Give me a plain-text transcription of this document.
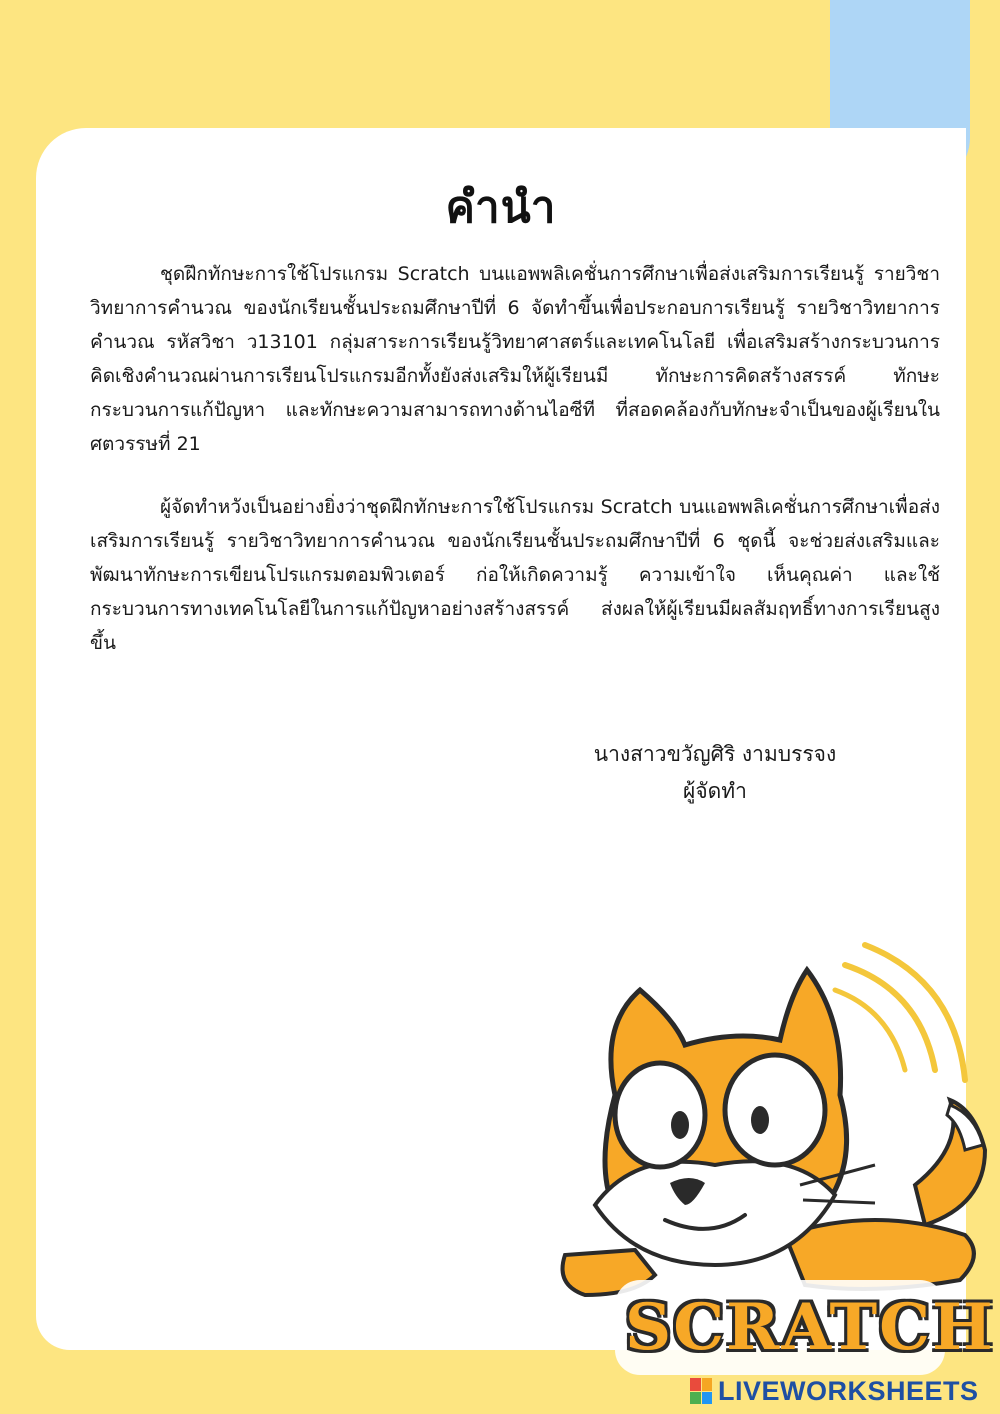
คำนำ

ชุดฝึกทักษะการใช้โปรแกรม Scratch บนแอพพลิเคชั่นการศึกษาเพื่อส่งเสริมการเรียนรู้ รายวิชาวิทยาการคำนวณ ของนักเรียนชั้นประถมศึกษาปีที่ 6 จัดทำขึ้นเพื่อประกอบการเรียนรู้ รายวิชาวิทยาการคำนวณ รหัสวิชา ว13101 กลุ่มสาระการเรียนรู้วิทยาศาสตร์และเทคโนโลยี เพื่อเสริมสร้างกระบวนการคิดเชิงคำนวณผ่านการเรียนโปรแกรมอีกทั้งยังส่งเสริมให้ผู้เรียนมี ทักษะการคิดสร้างสรรค์ ทักษะกระบวนการแก้ปัญหา และทักษะความสามารถทางด้านไอซีที ที่สอดคล้องกับทักษะจำเป็นของผู้เรียนในศตวรรษที่ 21

ผู้จัดทำหวังเป็นอย่างยิ่งว่าชุดฝึกทักษะการใช้โปรแกรม Scratch บนแอพพลิเคชั่นการศึกษาเพื่อส่งเสริมการเรียนรู้ รายวิชาวิทยาการคำนวณ ของนักเรียนชั้นประถมศึกษาปีที่ 6 ชุดนี้ จะช่วยส่งเสริมและพัฒนาทักษะการเขียนโปรแกรมตอมพิวเตอร์ ก่อให้เกิดความรู้ ความเข้าใจ เห็นคุณค่า และใช้กระบวนการทางเทคโนโลยีในการแก้ปัญหาอย่างสร้างสรรค์ ส่งผลให้ผู้เรียนมีผลสัมฤทธิ์ทางการเรียนสูงขึ้น

นางสาวขวัญศิริ งามบรรจง
ผู้จัดทำ
SCRATCH
LIVEWORKSHEETS
